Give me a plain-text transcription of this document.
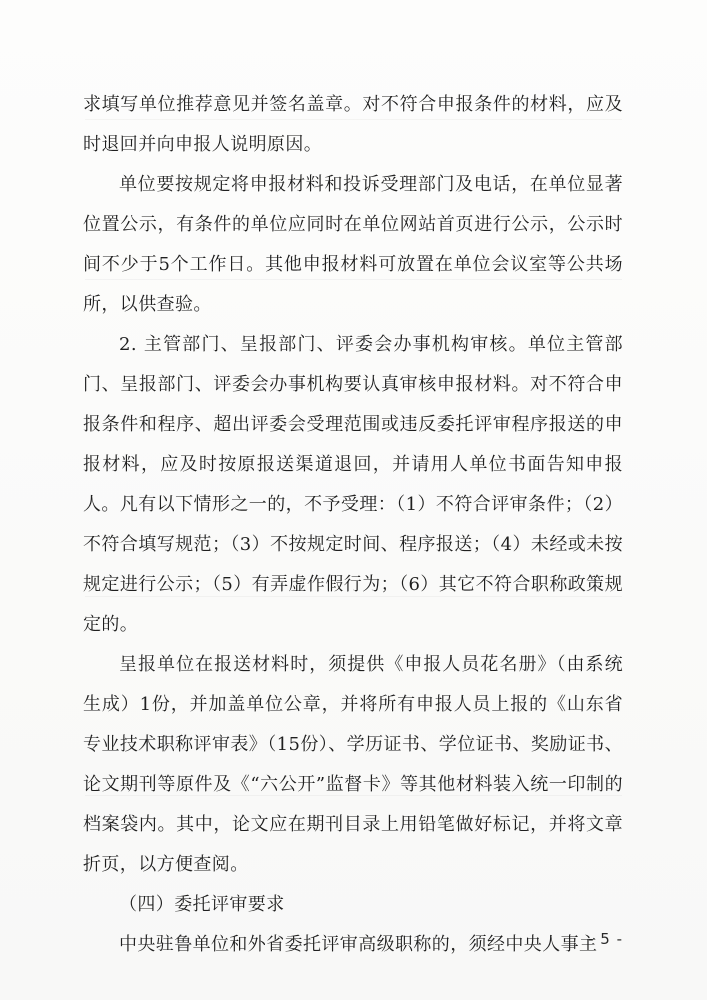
求填写单位推荐意见并签名盖章。对不符合申报条件的材料，应及时退回并向申报人说明原因。

单位要按规定将申报材料和投诉受理部门及电话，在单位显著位置公示，有条件的单位应同时在单位网站首页进行公示，公示时间不少于5个工作日。其他申报材料可放置在单位会议室等公共场所，以供查验。

2. 主管部门、呈报部门、评委会办事机构审核。单位主管部门、呈报部门、评委会办事机构要认真审核申报材料。对不符合申报条件和程序、超出评委会受理范围或违反委托评审程序报送的申报材料，应及时按原报送渠道退回，并请用人单位书面告知申报人。凡有以下情形之一的，不予受理：（1）不符合评审条件；（2）不符合填写规范；（3）不按规定时间、程序报送；（4）未经或未按规定进行公示；（5）有弄虚作假行为；（6）其它不符合职称政策规定的。

呈报单位在报送材料时，须提供《申报人员花名册》（由系统生成）1份，并加盖单位公章，并将所有申报人员上报的《山东省专业技术职称评审表》（15份）、学历证书、学位证书、奖励证书、论文期刊等原件及《“六公开”监督卡》等其他材料装入统一印制的档案袋内。其中，论文应在期刊目录上用铅笔做好标记，并将文章折页，以方便查阅。

（四）委托评审要求

中央驻鲁单位和外省委托评审高级职称的，须经中央人事主

- 5 -
